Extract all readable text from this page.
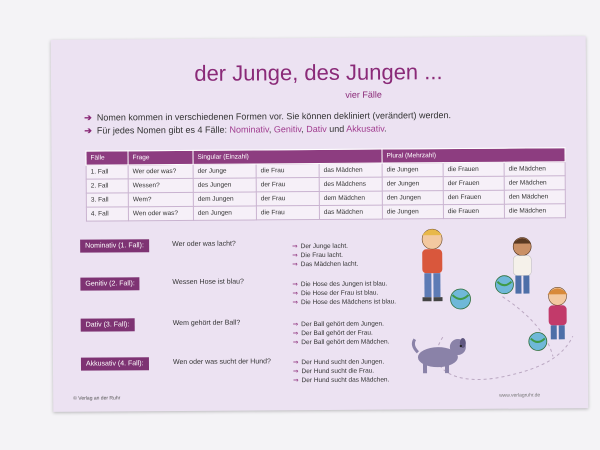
der Junge, des Jungen ...
vier Fälle
➔ Nomen kommen in verschiedenen Formen vor. Sie können dekliniert (verändert) werden.
➔ Für jedes Nomen gibt es 4 Fälle: Nominativ, Genitiv, Dativ und Akkusativ.
Fälle	Frage	Singular (Einzahl)			Plural (Mehrzahl)		
1. Fall	Wer oder was?	der Junge	die Frau	das Mädchen	die Jungen	die Frauen	die Mädchen
2. Fall	Wessen?	des Jungen	der Frau	des Mädchens	der Jungen	der Frauen	der Mädchen
3. Fall	Wem?	dem Jungen	der Frau	dem Mädchen	den Jungen	den Frauen	den Mädchen
4. Fall	Wen oder was?	den Jungen	die Frau	das Mädchen	die Jungen	die Frauen	die Mädchen
Nominativ (1. Fall):	Wer oder was lacht?	⇒ Der Junge lacht.
⇒ Die Frau lacht.
⇒ Das Mädchen lacht.
Genitiv (2. Fall):	Wessen Hose ist blau?	⇒ Die Hose des Jungen ist blau.
⇒ Die Hose der Frau ist blau.
⇒ Die Hose des Mädchens ist blau.
Dativ (3. Fall):	Wem gehört der Ball?	⇒ Der Ball gehört dem Jungen.
⇒ Der Ball gehört der Frau.
⇒ Der Ball gehört dem Mädchen.
Akkusativ (4. Fall):	Wen oder was sucht der Hund?	⇒ Der Hund sucht den Jungen.
⇒ Der Hund sucht die Frau.
⇒ Der Hund sucht das Mädchen.
© Verlag an der Ruhr	www.verlagruhr.de
